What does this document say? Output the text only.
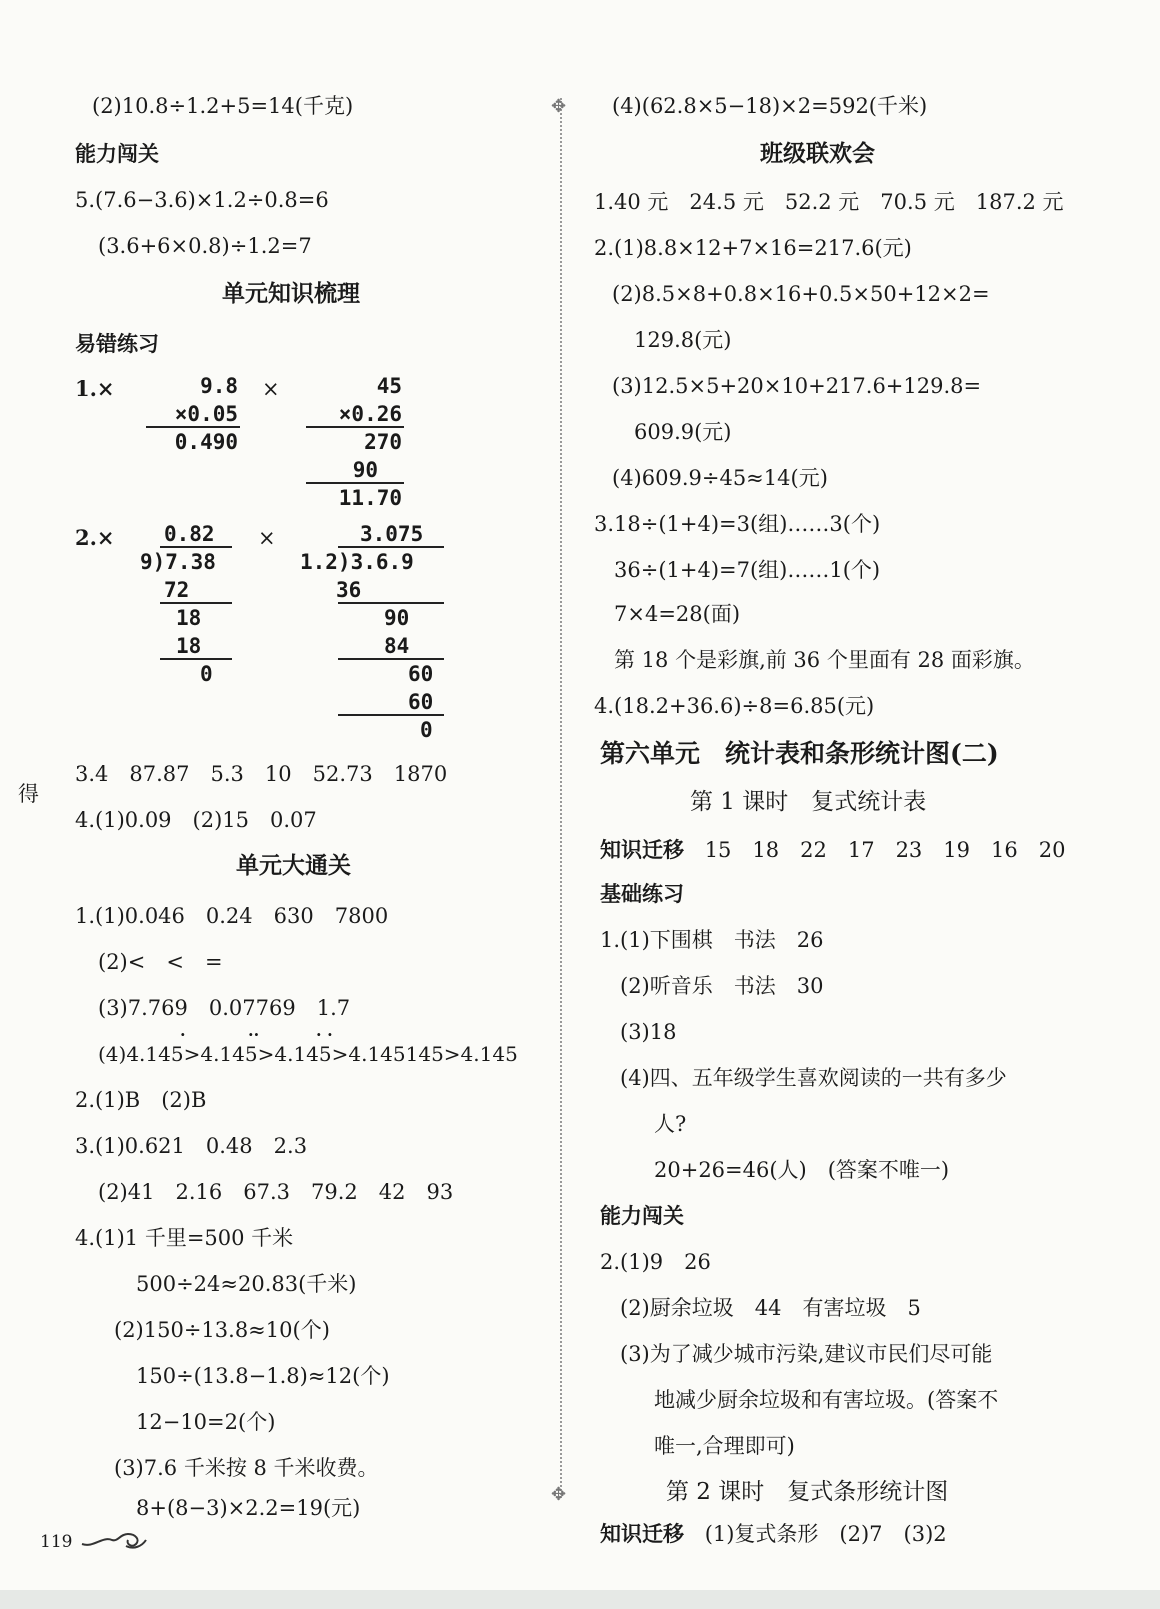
✥
✥
得
(2)10.8÷1.2+5=14(千克)
能力闯关
5.(7.6−3.6)×1.2÷0.8=6
(3.6+6×0.8)÷1.2=7
单元知识梳理
易错练习
1.×	9.8
×0.05
0.490
×	45
×0.26
270
90
11.70
2.×	0.82
9)7.38
72
18
18
0
×	3.075
1.2)3.6.9
36
90
84
60
60
0
3.4　87.87　5.3　10　52.73　1870
4.(1)0.09　(2)15　0.07
单元大通关
1.(1)0.046　0.24　630　7800
(2)<　<　=
(3)7.769　0.07769　1.7
·	··	· ·
(4)4.145>4.145>4.145>4.145145>4.145
2.(1)B　(2)B
3.(1)0.621　0.48　2.3
(2)41　2.16　67.3　79.2　42　93
4.(1)1 千里=500 千米
500÷24≈20.83(千米)
(2)150÷13.8≈10(个)
150÷(13.8−1.8)≈12(个)
12−10=2(个)
(3)7.6 千米按 8 千米收费。
8+(8−3)×2.2=19(元)
(4)(62.8×5−18)×2=592(千米)
班级联欢会
1.40 元　24.5 元　52.2 元　70.5 元　187.2 元
2.(1)8.8×12+7×16=217.6(元)
(2)8.5×8+0.8×16+0.5×50+12×2=
129.8(元)
(3)12.5×5+20×10+217.6+129.8=
609.9(元)
(4)609.9÷45≈14(元)
3.18÷(1+4)=3(组)……3(个)
36÷(1+4)=7(组)……1(个)
7×4=28(面)
第 18 个是彩旗,前 36 个里面有 28 面彩旗。
4.(18.2+36.6)÷8=6.85(元)
第六单元　统计表和条形统计图(二)
第 1 课时　复式统计表
知识迁移 15　18　22　17　23　19　16　20
基础练习
1.(1)下围棋　书法　26
(2)听音乐　书法　30
(3)18
(4)四、五年级学生喜欢阅读的一共有多少
人?
20+26=46(人)　(答案不唯一)
能力闯关
2.(1)9　26
(2)厨余垃圾　44　有害垃圾　5
(3)为了减少城市污染,建议市民们尽可能
地减少厨余垃圾和有害垃圾。(答案不
唯一,合理即可)
第 2 课时　复式条形统计图
知识迁移 (1)复式条形　(2)7　(3)2
119
